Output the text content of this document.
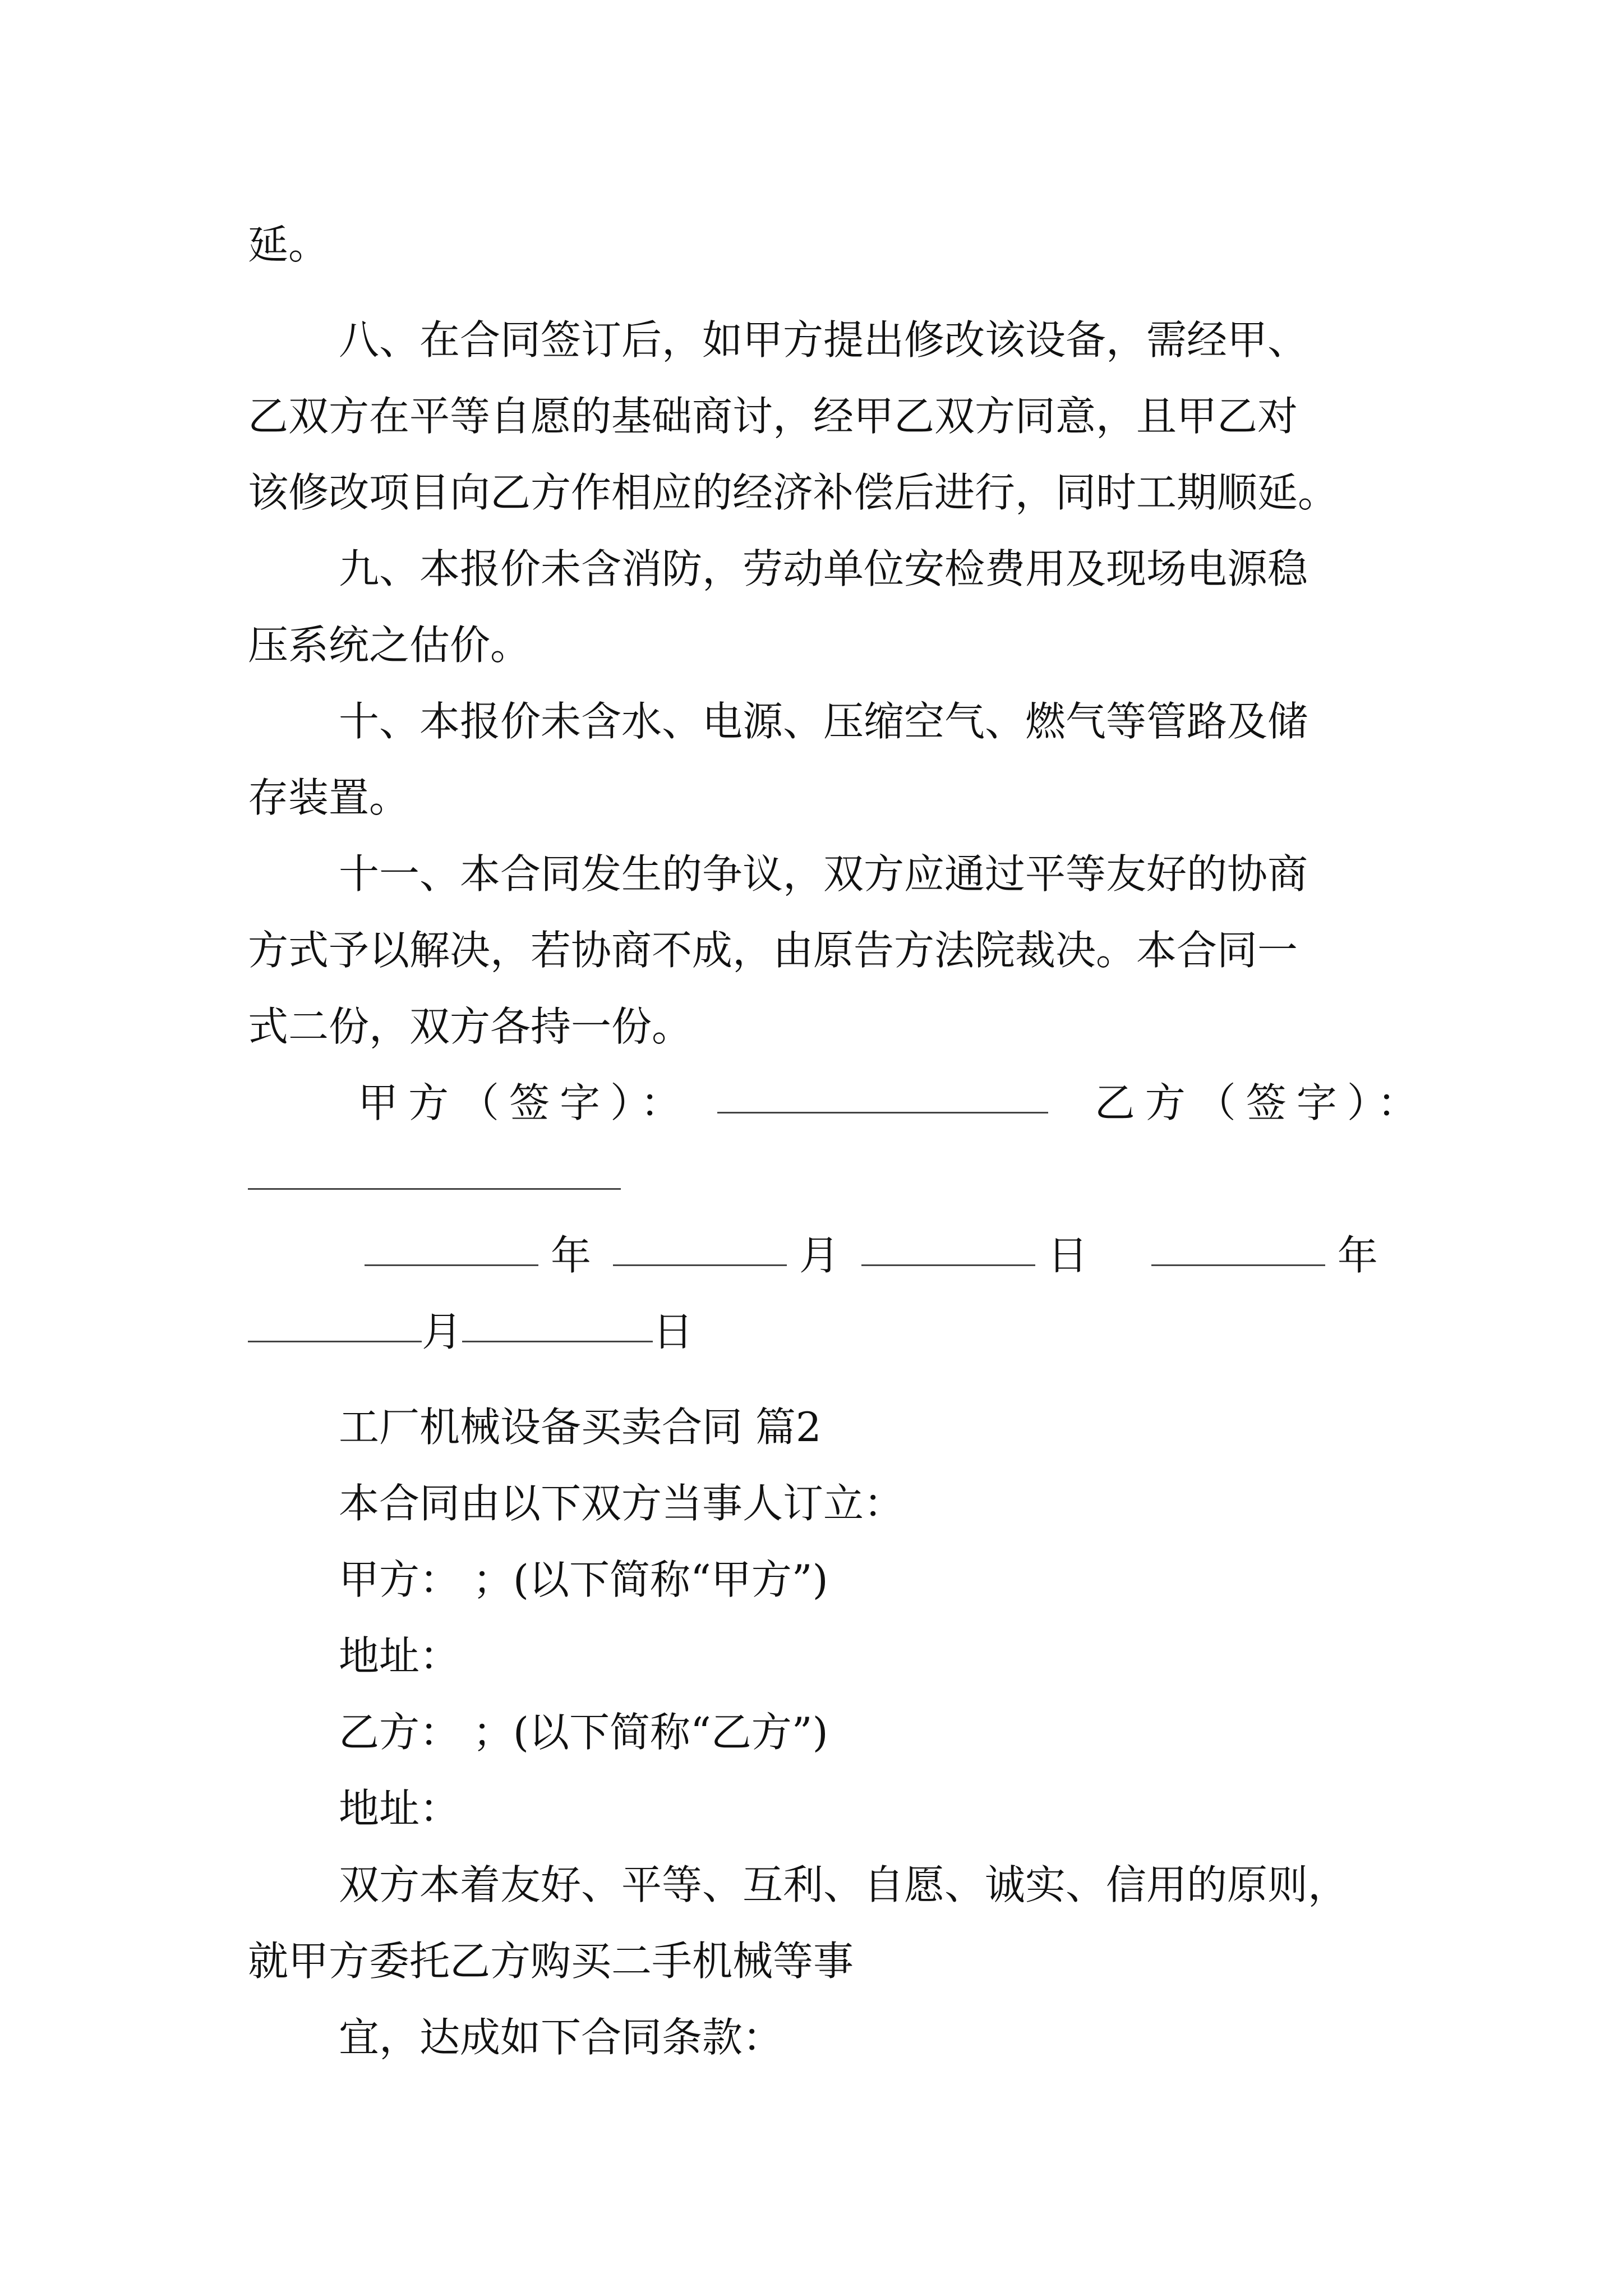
延。
八、在合同签订后，如甲方提出修改该设备，需经甲、
乙双方在平等自愿的基础商讨，经甲乙双方同意，且甲乙对
该修改项目向乙方作相应的经济补偿后进行，同时工期顺延。
九、本报价未含消防，劳动单位安检费用及现场电源稳
压系统之估价。
十、本报价未含水、电源、压缩空气、燃气等管路及储
存装置。
十一、本合同发生的争议，双方应通过平等友好的协商
方式予以解决，若协商不成，由原告方法院裁决。本合同一
式二份，双方各持一份。
甲方（签字）：	乙方（签字）：
年	月	日	年
月	日
工厂机械设备买卖合同 篇2
本合同由以下双方当事人订立：
甲方： ；(以下简称“甲方”)
地址：
乙方： ；(以下简称“乙方”)
地址：
双方本着友好、平等、互利、自愿、诚实、信用的原则，
就甲方委托乙方购买二手机械等事
宜，达成如下合同条款：
